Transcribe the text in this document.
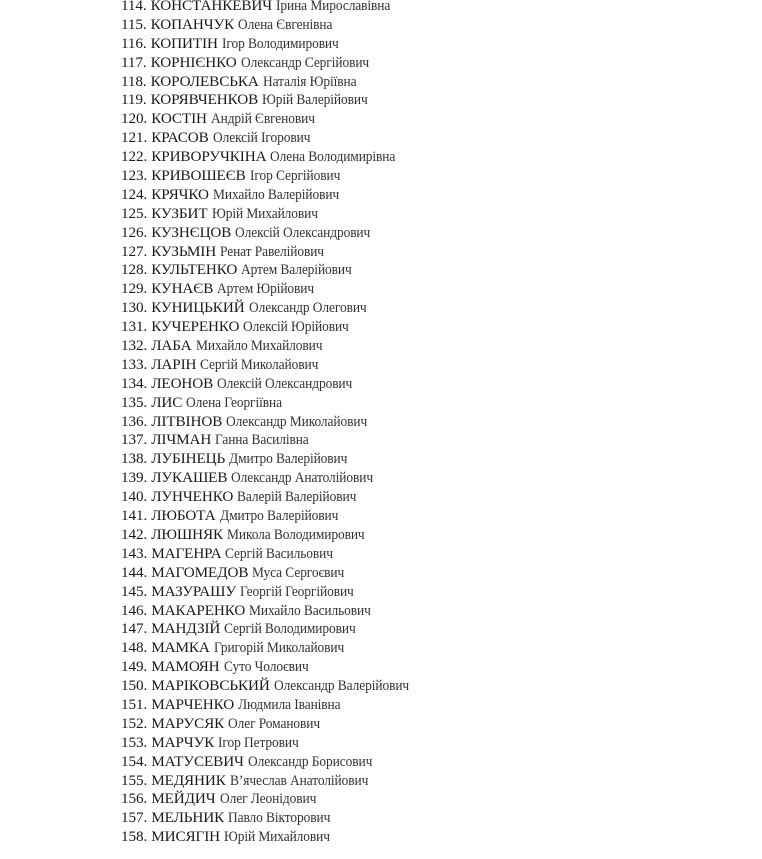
114. КОНСТАНКЕВИЧ Ірина Мирославівна
115. КОПАНЧУК Олена Євгенівна
116. КОПИТІН Ігор Володимирович
117. КОРНІЄНКО Олександр Сергійович
118. КОРОЛЕВСЬКА Наталія Юріївна
119. КОРЯВЧЕНКОВ Юрій Валерійович
120. КОСТІН Андрій Євгенович
121. КРАСОВ Олексій Ігорович
122. КРИВОРУЧКІНА Олена Володимирівна
123. КРИВОШЕЄВ Ігор Сергійович
124. КРЯЧКО Михайло Валерійович
125. КУЗБИТ Юрій Михайлович
126. КУЗНЄЦОВ Олексій Олександрович
127. КУЗЬМІН Ренат Равелійович
128. КУЛЬТЕНКО Артем Валерійович
129. КУНАЄВ Артем Юрійович
130. КУНИЦЬКИЙ Олександр Олегович
131. КУЧЕРЕНКО Олексій Юрійович
132. ЛАБА Михайло Михайлович
133. ЛАРІН Сергій Миколайович
134. ЛЕОНОВ Олексій Олександрович
135. ЛИС Олена Георгіївна
136. ЛІТВІНОВ Олександр Миколайович
137. ЛІЧМАН Ганна Василівна
138. ЛУБІНЕЦЬ Дмитро Валерійович
139. ЛУКАШЕВ Олександр Анатолійович
140. ЛУНЧЕНКО Валерій Валерійович
141. ЛЮБОТА Дмитро Валерійович
142. ЛЮШНЯК Микола Володимирович
143. МАГЕНРА Сергій Васильович
144. МАГОМЕДОВ Муса Сергоєвич
145. МАЗУРАШУ Георгій Георгійович
146. МАКАРЕНКО Михайло Васильович
147. МАНДЗІЙ Сергій Володимирович
148. МАМКА Григорій Миколайович
149. МАМОЯН Суто Чолоєвич
150. МАРІКОВСЬКИЙ Олександр Валерійович
151. МАРЧЕНКО Людмила Іванівна
152. МАРУСЯК Олег Романович
153. МАРЧУК Ігор Петрович
154. МАТУСЕВИЧ Олександр Борисович
155. МЕДЯНИК В’ячеслав Анатолійович
156. МЕЙДИЧ Олег Леонідович
157. МЕЛЬНИК Павло Вікторович
158. МИСЯГІН Юрій Михайлович
